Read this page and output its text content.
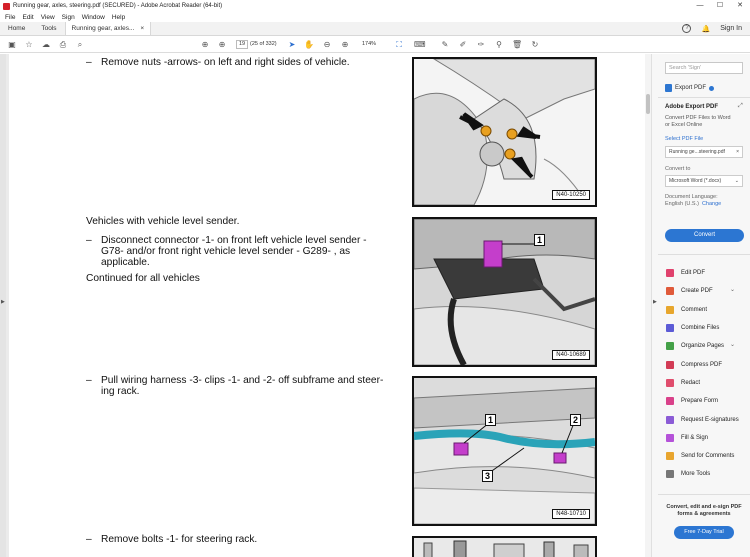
Running gear, axles, steering.pdf (SECURED) - Adobe Acrobat Reader (64-bit)	—	☐	✕
File Edit View Sign Window Help
Home	Tools	Running gear, axles... ×	?	🔔 Sign In
▣ ☆ ☁ ⎙	⌕	⊕ ⊕	19 (25 of 332) ➤ ✋ ⊖ ⊕	174%	⛶	⌨ ✎ ✐ ✑ ⚲ 🗑 ↻
– Remove nuts -arrows- on left and right sides of vehicle.
Vehicles with vehicle level sender.
– Disconnect connector -1- on front left vehicle level sender -
G78- and/or front right vehicle level sender - G289- , as
applicable.
Continued for all vehicles
– Pull wiring harness -3- clips -1- and -2- off subframe and steer-
ing rack.
– Remove bolts -1- for steering rack.
N40-10250
1
N40-10689
1	2
3
N48-10710
▶	▶
Search 'Sign'
Export PDF
Adobe Export PDF	⤢
Convert PDF Files to Word or Excel Online
Select PDF File
Running ge...steering.pdf ×
Convert to
Microsoft Word (*.docx)	⌄
Document Language:
English (U.S.) Change
Convert
Edit PDF
Create PDF	⌄
Comment
Combine Files
Organize Pages ⌄
Compress PDF
Redact
Prepare Form
Request E-signatures
Fill & Sign
Send for Comments
More Tools
Convert, edit and e-sign PDF forms & agreements
Free 7-Day Trial
